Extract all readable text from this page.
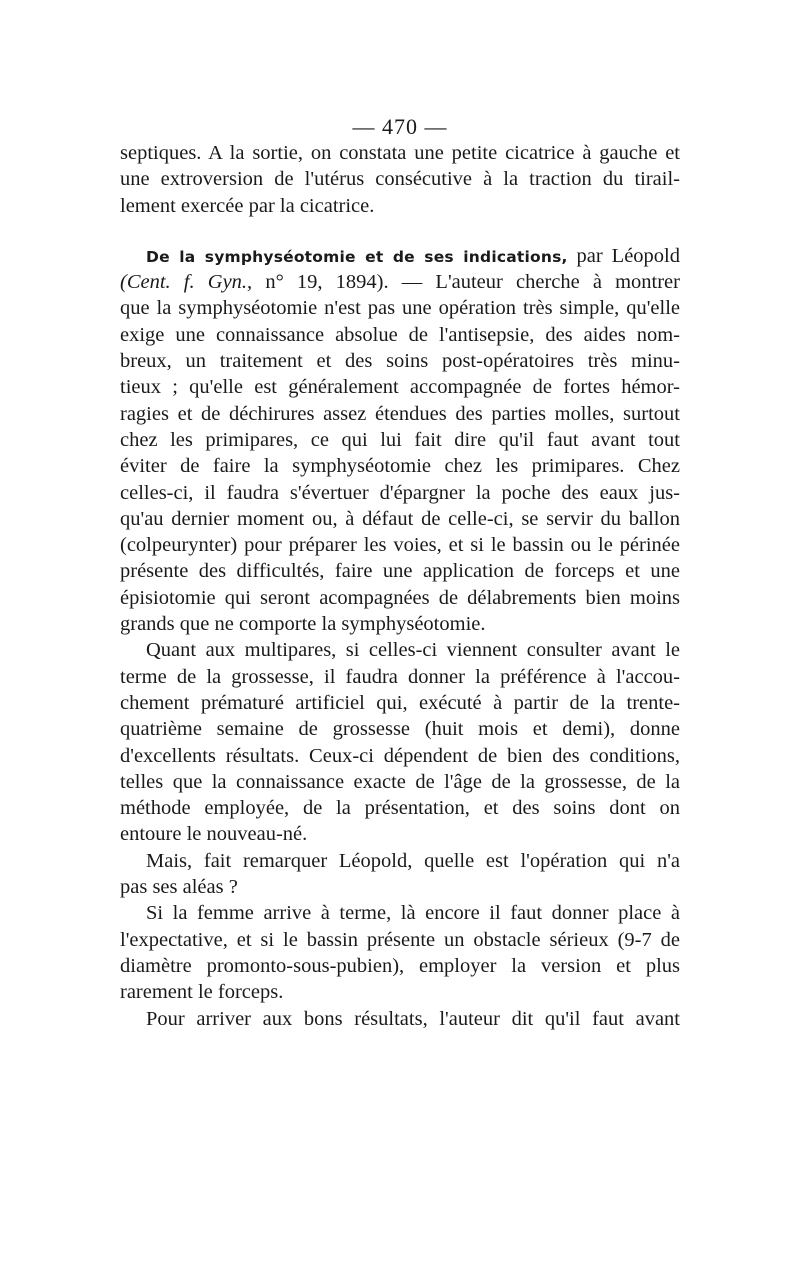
— 470 —
septiques. A la sortie, on constata une petite cicatrice à gauche et
une extroversion de l'utérus consécutive à la traction du tirail-
lement exercée par la cicatrice.
De la symphyséotomie et de ses indications, par Léopold
(Cent. f. Gyn., n° 19, 1894). — L'auteur cherche à montrer
que la symphyséotomie n'est pas une opération très simple, qu'elle
exige une connaissance absolue de l'antisepsie, des aides nom-
breux, un traitement et des soins post-opératoires très minu-
tieux ; qu'elle est généralement accompagnée de fortes hémor-
ragies et de déchirures assez étendues des parties molles, surtout
chez les primipares, ce qui lui fait dire qu'il faut avant tout
éviter de faire la symphyséotomie chez les primipares. Chez
celles-ci, il faudra s'évertuer d'épargner la poche des eaux jus-
qu'au dernier moment ou, à défaut de celle-ci, se servir du ballon
(colpeurynter) pour préparer les voies, et si le bassin ou le périnée
présente des difficultés, faire une application de forceps et une
épisiotomie qui seront acompagnées de délabrements bien moins
grands que ne comporte la symphyséotomie.
Quant aux multipares, si celles-ci viennent consulter avant le
terme de la grossesse, il faudra donner la préférence à l'accou-
chement prématuré artificiel qui, exécuté à partir de la trente-
quatrième semaine de grossesse (huit mois et demi), donne
d'excellents résultats. Ceux-ci dépendent de bien des conditions,
telles que la connaissance exacte de l'âge de la grossesse, de la
méthode employée, de la présentation, et des soins dont on
entoure le nouveau-né.
Mais, fait remarquer Léopold, quelle est l'opération qui n'a
pas ses aléas ?
Si la femme arrive à terme, là encore il faut donner place à
l'expectative, et si le bassin présente un obstacle sérieux (9-7 de
diamètre promonto-sous-pubien), employer la version et plus
rarement le forceps.
Pour arriver aux bons résultats, l'auteur dit qu'il faut avant
